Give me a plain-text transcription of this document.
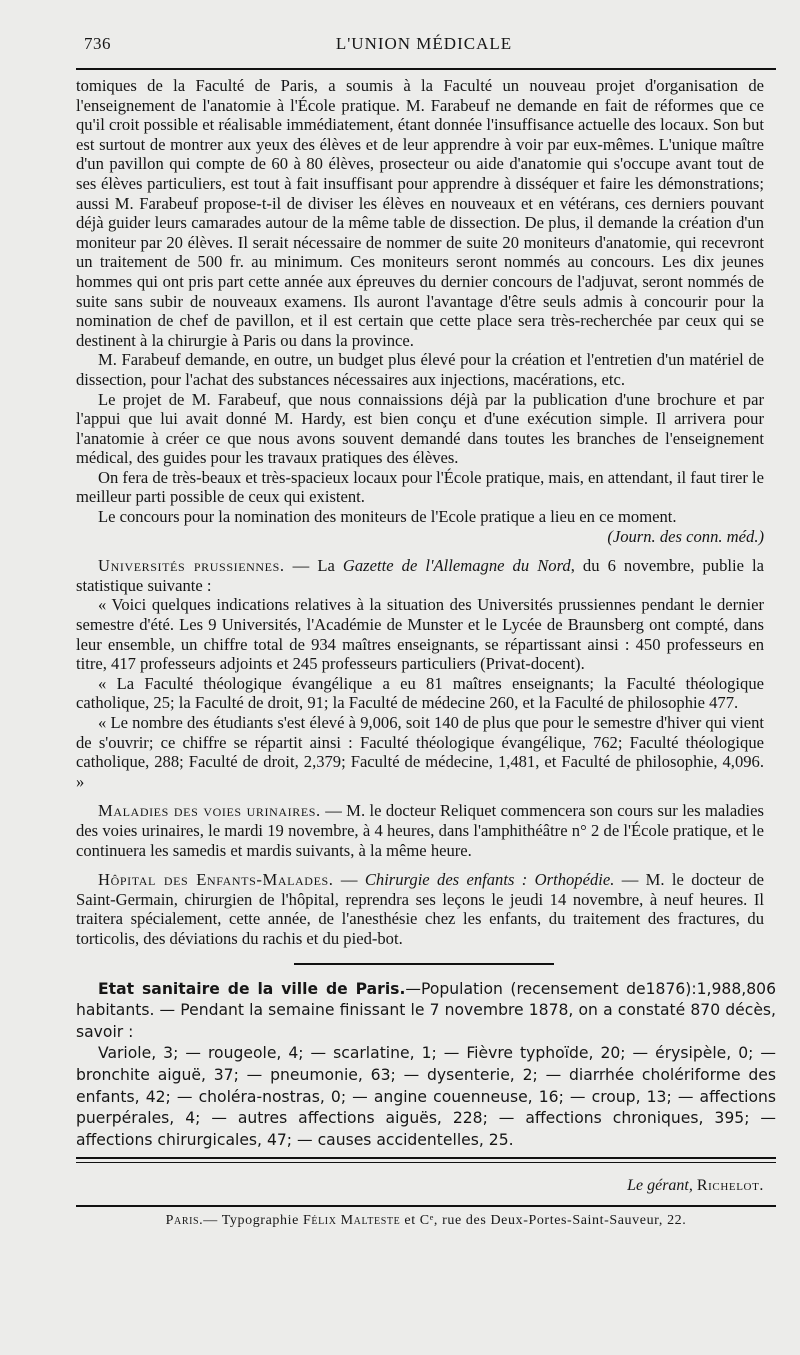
736	L'UNION MÉDICALE

tomiques de la Faculté de Paris, a soumis à la Faculté un nouveau projet d'organisation de l'enseignement de l'anatomie à l'École pratique. M. Farabeuf ne demande en fait de réformes que ce qu'il croit possible et réalisable immédiatement, étant donnée l'insuffisance actuelle des locaux. Son but est surtout de montrer aux yeux des élèves et de leur apprendre à voir par eux-mêmes. L'unique maître d'un pavillon qui compte de 60 à 80 élèves, prosecteur ou aide d'anatomie qui s'occupe avant tout de ses élèves particuliers, est tout à fait insuffisant pour apprendre à disséquer et faire les démonstrations; aussi M. Farabeuf propose-t-il de diviser les élèves en nouveaux et en vétérans, ces derniers pouvant déjà guider leurs camarades autour de la même table de dissection. De plus, il demande la création d'un moniteur par 20 élèves. Il serait nécessaire de nommer de suite 20 moniteurs d'anatomie, qui recevront un traitement de 500 fr. au minimum. Ces moniteurs seront nommés au concours. Les dix jeunes hommes qui ont pris part cette année aux épreuves du dernier concours de l'adjuvat, seront nommés de suite sans subir de nouveaux examens. Ils auront l'avantage d'être seuls admis à concourir pour la nomination de chef de pavillon, et il est certain que cette place sera très-recherchée par ceux qui se destinent à la chirurgie à Paris ou dans la province.

M. Farabeuf demande, en outre, un budget plus élevé pour la création et l'entretien d'un matériel de dissection, pour l'achat des substances nécessaires aux injections, macérations, etc.

Le projet de M. Farabeuf, que nous connaissions déjà par la publication d'une brochure et par l'appui que lui avait donné M. Hardy, est bien conçu et d'une exécution simple. Il arrivera pour l'anatomie à créer ce que nous avons souvent demandé dans toutes les branches de l'enseignement médical, des guides pour les travaux pratiques des élèves.

On fera de très-beaux et très-spacieux locaux pour l'École pratique, mais, en attendant, il faut tirer le meilleur parti possible de ceux qui existent.

Le concours pour la nomination des moniteurs de l'Ecole pratique a lieu en ce moment.

(Journ. des conn. méd.)

Universités prussiennes. — La Gazette de l'Allemagne du Nord, du 6 novembre, publie la statistique suivante :

« Voici quelques indications relatives à la situation des Universités prussiennes pendant le dernier semestre d'été. Les 9 Universités, l'Académie de Munster et le Lycée de Braunsberg ont compté, dans leur ensemble, un chiffre total de 934 maîtres enseignants, se répartissant ainsi : 450 professeurs en titre, 417 professeurs adjoints et 245 professeurs particuliers (Privat-docent).

« La Faculté théologique évangélique a eu 81 maîtres enseignants; la Faculté théologique catholique, 25; la Faculté de droit, 91; la Faculté de médecine 260, et la Faculté de philosophie 477.

« Le nombre des étudiants s'est élevé à 9,006, soit 140 de plus que pour le semestre d'hiver qui vient de s'ouvrir; ce chiffre se répartit ainsi : Faculté théologique évangélique, 762; Faculté théologique catholique, 288; Faculté de droit, 2,379; Faculté de médecine, 1,481, et Faculté de philosophie, 4,096. »

Maladies des voies urinaires. — M. le docteur Reliquet commencera son cours sur les maladies des voies urinaires, le mardi 19 novembre, à 4 heures, dans l'amphithéâtre n° 2 de l'École pratique, et le continuera les samedis et mardis suivants, à la même heure.

Hôpital des Enfants-Malades. — Chirurgie des enfants : Orthopédie. — M. le docteur de Saint-Germain, chirurgien de l'hôpital, reprendra ses leçons le jeudi 14 novembre, à neuf heures. Il traitera spécialement, cette année, de l'anesthésie chez les enfants, du traitement des fractures, du torticolis, des déviations du rachis et du pied-bot.

Etat sanitaire de la ville de Paris.—Population (recensement de1876):1,988,806 habitants. — Pendant la semaine finissant le 7 novembre 1878, on a constaté 870 décès, savoir :

Variole, 3; — rougeole, 4; — scarlatine, 1; — Fièvre typhoïde, 20; — érysipèle, 0; — bronchite aiguë, 37; — pneumonie, 63; — dysenterie, 2; — diarrhée cholériforme des enfants, 42; — choléra-nostras, 0; — angine couenneuse, 16; — croup, 13; — affections puerpérales, 4; — autres affections aiguës, 228; — affections chroniques, 395; — affections chirurgicales, 47; — causes accidentelles, 25.

Le gérant, Richelot.
Paris.— Typographie Félix Malteste et Cᵉ, rue des Deux-Portes-Saint-Sauveur, 22.
